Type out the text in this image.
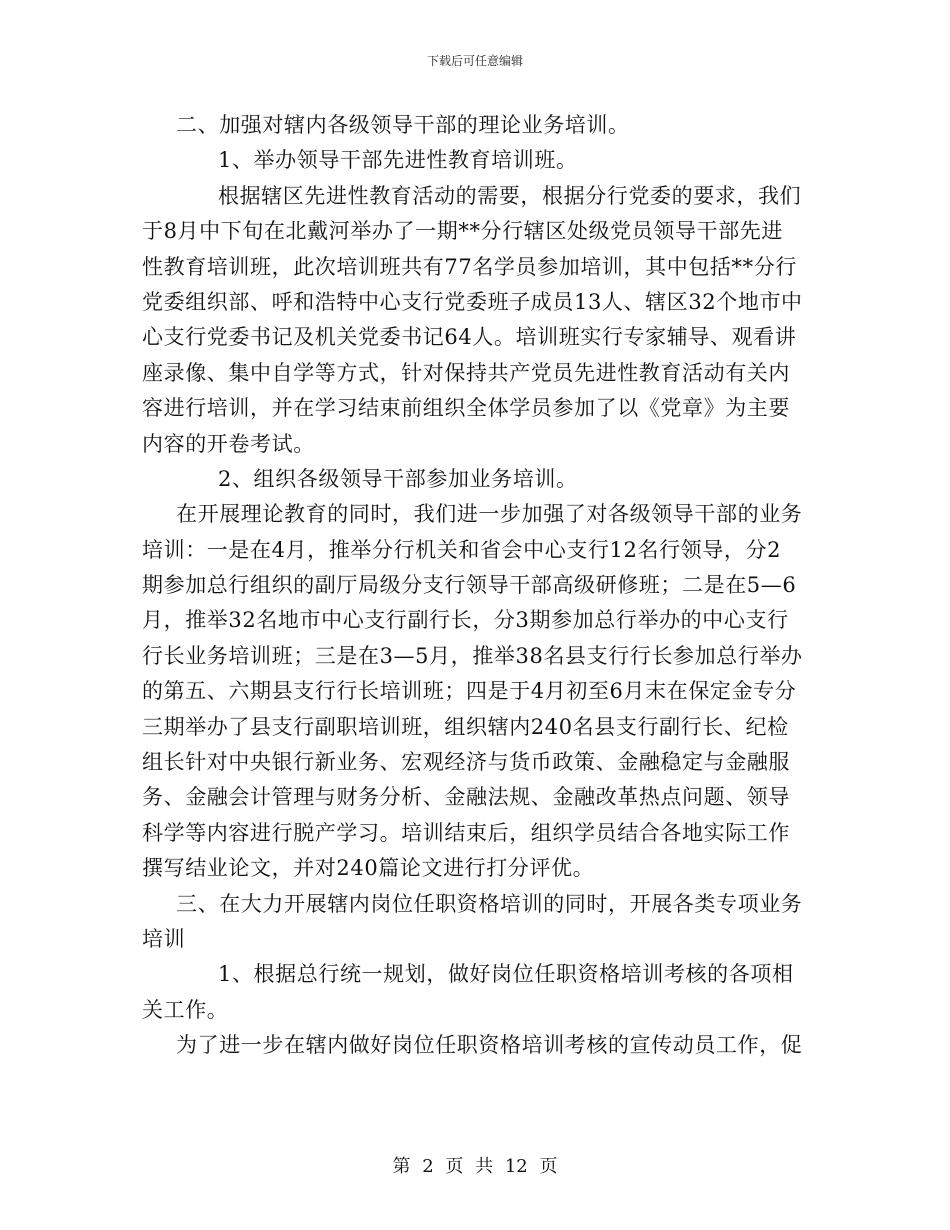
下载后可任意编辑
二、加强对辖内各级领导干部的理论业务培训。
1、举办领导干部先进性教育培训班。
根据辖区先进性教育活动的需要，根据分行党委的要求，我们
于8月中下旬在北戴河举办了一期**分行辖区处级党员领导干部先进
性教育培训班，此次培训班共有77名学员参加培训，其中包括**分行
党委组织部、呼和浩特中心支行党委班子成员13人、辖区32个地市中
心支行党委书记及机关党委书记64人。培训班实行专家辅导、观看讲
座录像、集中自学等方式，针对保持共产党员先进性教育活动有关内
容进行培训，并在学习结束前组织全体学员参加了以《党章》为主要
内容的开卷考试。
2、组织各级领导干部参加业务培训。
在开展理论教育的同时，我们进一步加强了对各级领导干部的业务
培训：一是在4月，推举分行机关和省会中心支行12名行领导，分2
期参加总行组织的副厅局级分支行领导干部高级研修班；二是在5—6
月，推举32名地市中心支行副行长，分3期参加总行举办的中心支行
行长业务培训班；三是在3—5月，推举38名县支行行长参加总行举办
的第五、六期县支行行长培训班；四是于4月初至6月末在保定金专分
三期举办了县支行副职培训班，组织辖内240名县支行副行长、纪检
组长针对中央银行新业务、宏观经济与货币政策、金融稳定与金融服
务、金融会计管理与财务分析、金融法规、金融改革热点问题、领导
科学等内容进行脱产学习。培训结束后，组织学员结合各地实际工作
撰写结业论文，并对240篇论文进行打分评优。
三、在大力开展辖内岗位任职资格培训的同时，开展各类专项业务
培训
1、根据总行统一规划，做好岗位任职资格培训考核的各项相
关工作。
为了进一步在辖内做好岗位任职资格培训考核的宣传动员工作，促
第 2 页 共 12 页
